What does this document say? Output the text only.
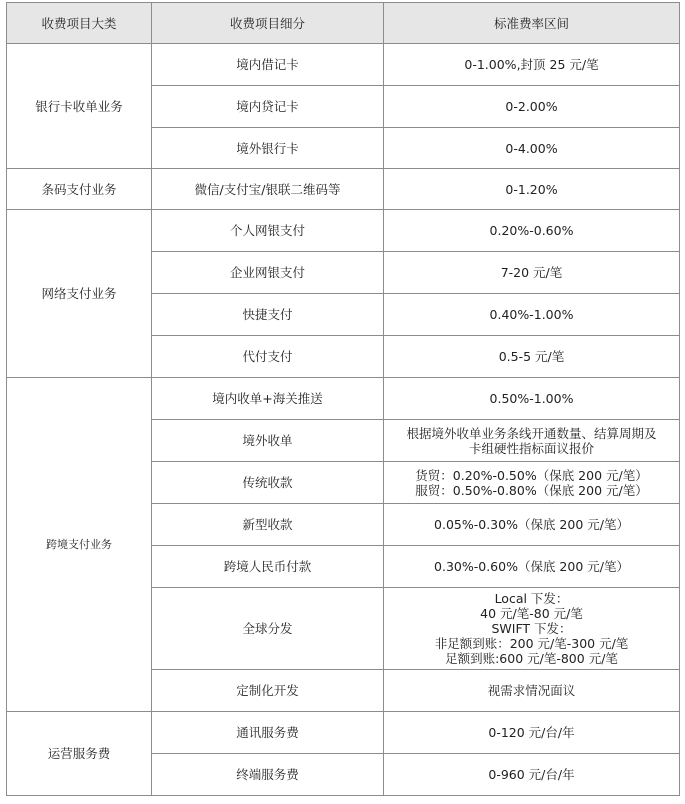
收费项目大类	收费项目细分	标准费率区间
银行卡收单业务	境内借记卡	0-1.00%,封顶 25 元/笔
	境内贷记卡	0-2.00%
	境外银行卡	0-4.00%
条码支付业务	微信/支付宝/银联二维码等	0-1.20%
网络支付业务	个人网银支付	0.20%-0.60%
	企业网银支付	7-20 元/笔
	快捷支付	0.40%-1.00%
	代付支付	0.5-5 元/笔
跨境支付业务	境内收单+海关推送	0.50%-1.00%
	境外收单	根据境外收单业务条线开通数量、结算周期及
卡组硬性指标面议报价

	传统收款	货贸：0.20%-0.50%（保底 200 元/笔）
服贸：0.50%-0.80%（保底 200 元/笔）

	新型收款	0.05%-0.30%（保底 200 元/笔）
	跨境人民币付款	0.30%-0.60%（保底 200 元/笔）
	全球分发	Local 下发：
40 元/笔-80 元/笔
SWIFT 下发：
非足额到账：200 元/笔-300 元/笔
足额到账:600 元/笔-800 元/笔

	定制化开发	视需求情况面议
运营服务费	通讯服务费	0-120 元/台/年
	终端服务费	0-960 元/台/年
